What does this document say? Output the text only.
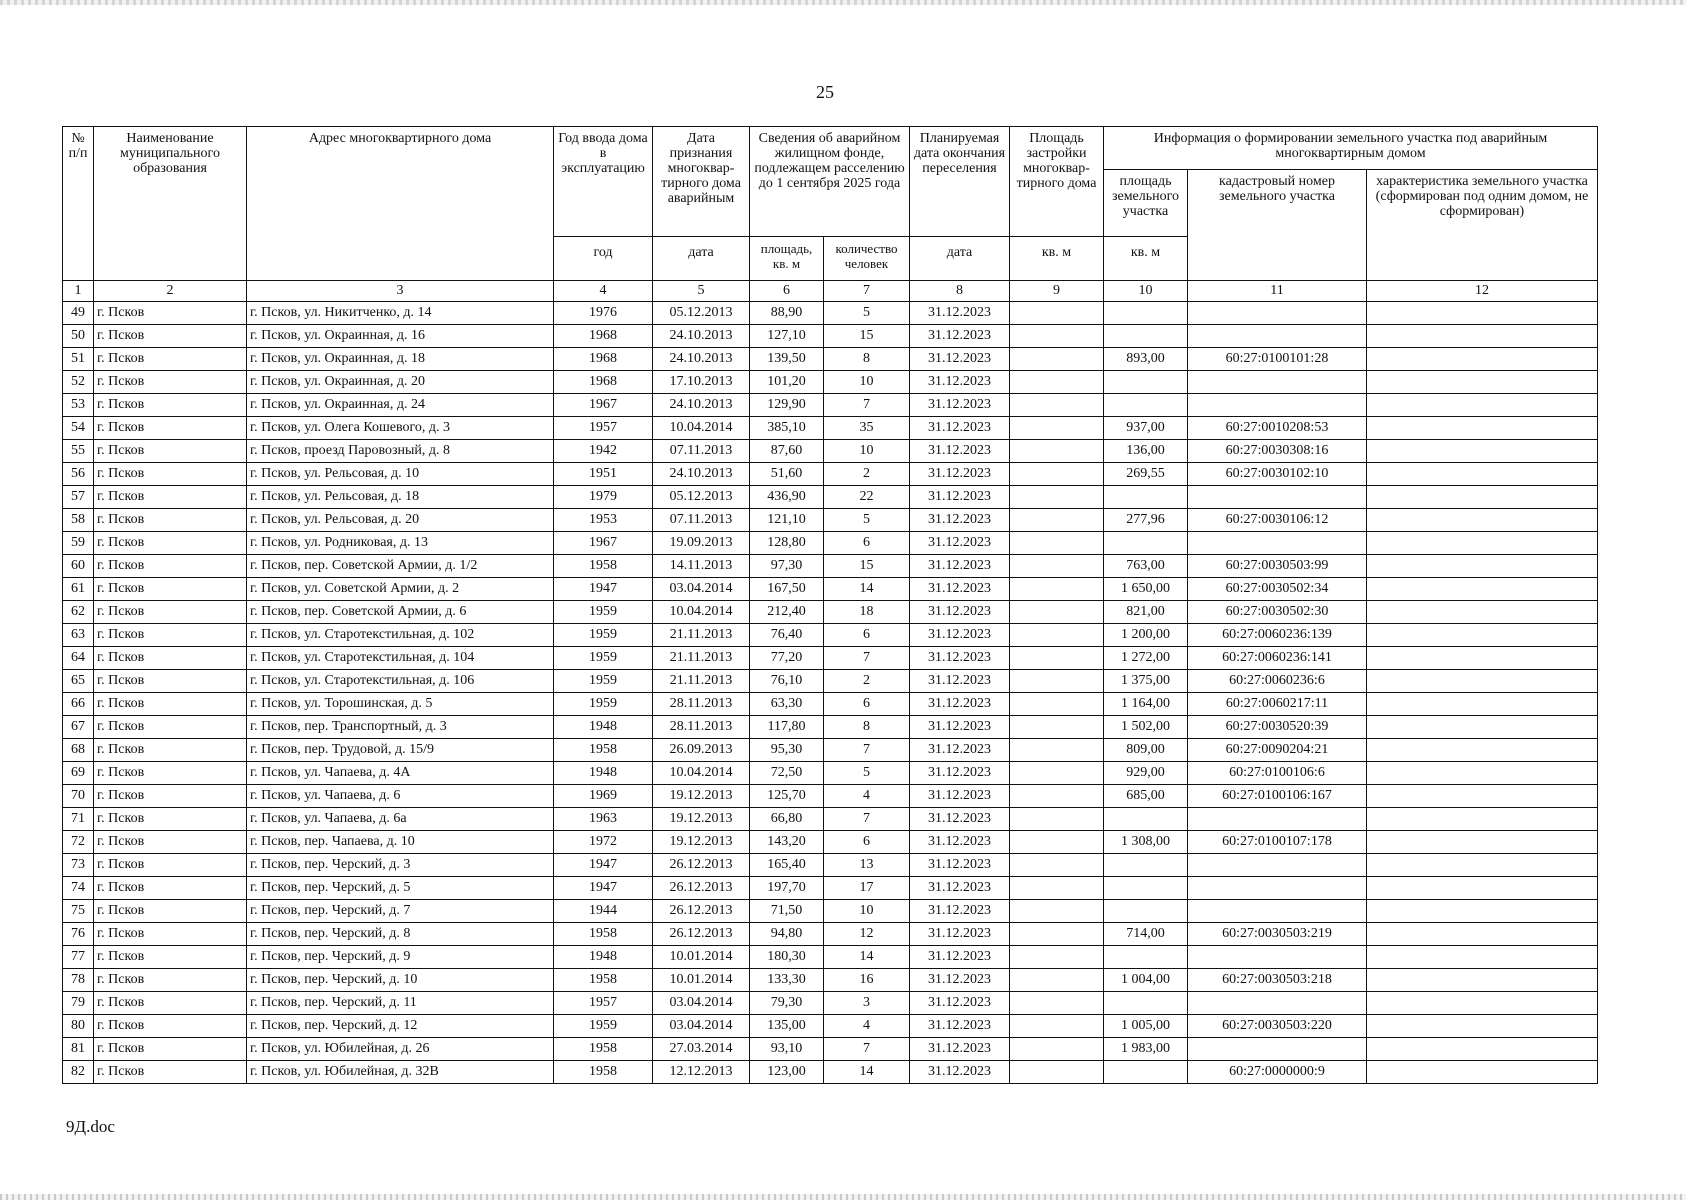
25
№ п/п	Наименование муниципального образования	Адрес многоквартирного дома	Год ввода дома в эксплуатацию	Дата признания многоквар-тирного дома аварийным	Сведения об аварийном жилищном фонде, подлежащем расселению до 1 сентября 2025 года		Планируемая дата окончания переселения	Площадь застройки многоквар-тирного дома	Информация о формировании земельного участка под аварийным многоквартирным домом		
									площадь земельного участка	кадастровый номер земельного участка	характеристика земельного участка (сформирован под одним домом, не сформирован)
			год	дата	площадь, кв. м	количество человек	дата	кв. м	кв. м		
1	2	3	4	5	6	7	8	9	10	11	12
49	г. Псков	г. Псков, ул. Никитченко, д. 14	1976	05.12.2013	88,90	5	31.12.2023				
50	г. Псков	г. Псков, ул. Окраинная, д. 16	1968	24.10.2013	127,10	15	31.12.2023				
51	г. Псков	г. Псков, ул. Окраинная, д. 18	1968	24.10.2013	139,50	8	31.12.2023		893,00	60:27:0100101:28	
52	г. Псков	г. Псков, ул. Окраинная, д. 20	1968	17.10.2013	101,20	10	31.12.2023				
53	г. Псков	г. Псков, ул. Окраинная, д. 24	1967	24.10.2013	129,90	7	31.12.2023				
54	г. Псков	г. Псков, ул. Олега Кошевого, д. 3	1957	10.04.2014	385,10	35	31.12.2023		937,00	60:27:0010208:53	
55	г. Псков	г. Псков, проезд Паровозный, д. 8	1942	07.11.2013	87,60	10	31.12.2023		136,00	60:27:0030308:16	
56	г. Псков	г. Псков, ул. Рельсовая, д. 10	1951	24.10.2013	51,60	2	31.12.2023		269,55	60:27:0030102:10	
57	г. Псков	г. Псков, ул. Рельсовая, д. 18	1979	05.12.2013	436,90	22	31.12.2023				
58	г. Псков	г. Псков, ул. Рельсовая, д. 20	1953	07.11.2013	121,10	5	31.12.2023		277,96	60:27:0030106:12	
59	г. Псков	г. Псков, ул. Родниковая, д. 13	1967	19.09.2013	128,80	6	31.12.2023				
60	г. Псков	г. Псков, пер. Советской Армии, д. 1/2	1958	14.11.2013	97,30	15	31.12.2023		763,00	60:27:0030503:99	
61	г. Псков	г. Псков, ул. Советской Армии, д. 2	1947	03.04.2014	167,50	14	31.12.2023		1 650,00	60:27:0030502:34	
62	г. Псков	г. Псков, пер. Советской Армии, д. 6	1959	10.04.2014	212,40	18	31.12.2023		821,00	60:27:0030502:30	
63	г. Псков	г. Псков, ул. Старотекстильная, д. 102	1959	21.11.2013	76,40	6	31.12.2023		1 200,00	60:27:0060236:139	
64	г. Псков	г. Псков, ул. Старотекстильная, д. 104	1959	21.11.2013	77,20	7	31.12.2023		1 272,00	60:27:0060236:141	
65	г. Псков	г. Псков, ул. Старотекстильная, д. 106	1959	21.11.2013	76,10	2	31.12.2023		1 375,00	60:27:0060236:6	
66	г. Псков	г. Псков, ул. Торошинская, д. 5	1959	28.11.2013	63,30	6	31.12.2023		1 164,00	60:27:0060217:11	
67	г. Псков	г. Псков, пер. Транспортный, д. 3	1948	28.11.2013	117,80	8	31.12.2023		1 502,00	60:27:0030520:39	
68	г. Псков	г. Псков, пер. Трудовой, д. 15/9	1958	26.09.2013	95,30	7	31.12.2023		809,00	60:27:0090204:21	
69	г. Псков	г. Псков, ул. Чапаева, д. 4А	1948	10.04.2014	72,50	5	31.12.2023		929,00	60:27:0100106:6	
70	г. Псков	г. Псков, ул. Чапаева, д. 6	1969	19.12.2013	125,70	4	31.12.2023		685,00	60:27:0100106:167	
71	г. Псков	г. Псков, ул. Чапаева, д. 6а	1963	19.12.2013	66,80	7	31.12.2023				
72	г. Псков	г. Псков, пер. Чапаева, д. 10	1972	19.12.2013	143,20	6	31.12.2023		1 308,00	60:27:0100107:178	
73	г. Псков	г. Псков, пер. Черский, д. 3	1947	26.12.2013	165,40	13	31.12.2023				
74	г. Псков	г. Псков, пер. Черский, д. 5	1947	26.12.2013	197,70	17	31.12.2023				
75	г. Псков	г. Псков, пер. Черский, д. 7	1944	26.12.2013	71,50	10	31.12.2023				
76	г. Псков	г. Псков, пер. Черский, д. 8	1958	26.12.2013	94,80	12	31.12.2023		714,00	60:27:0030503:219	
77	г. Псков	г. Псков, пер. Черский, д. 9	1948	10.01.2014	180,30	14	31.12.2023				
78	г. Псков	г. Псков, пер. Черский, д. 10	1958	10.01.2014	133,30	16	31.12.2023		1 004,00	60:27:0030503:218	
79	г. Псков	г. Псков, пер. Черский, д. 11	1957	03.04.2014	79,30	3	31.12.2023				
80	г. Псков	г. Псков, пер. Черский, д. 12	1959	03.04.2014	135,00	4	31.12.2023		1 005,00	60:27:0030503:220	
81	г. Псков	г. Псков, ул. Юбилейная, д. 26	1958	27.03.2014	93,10	7	31.12.2023		1 983,00		
82	г. Псков	г. Псков, ул. Юбилейная, д. 32В	1958	12.12.2013	123,00	14	31.12.2023			60:27:0000000:9	
9Д.doc
